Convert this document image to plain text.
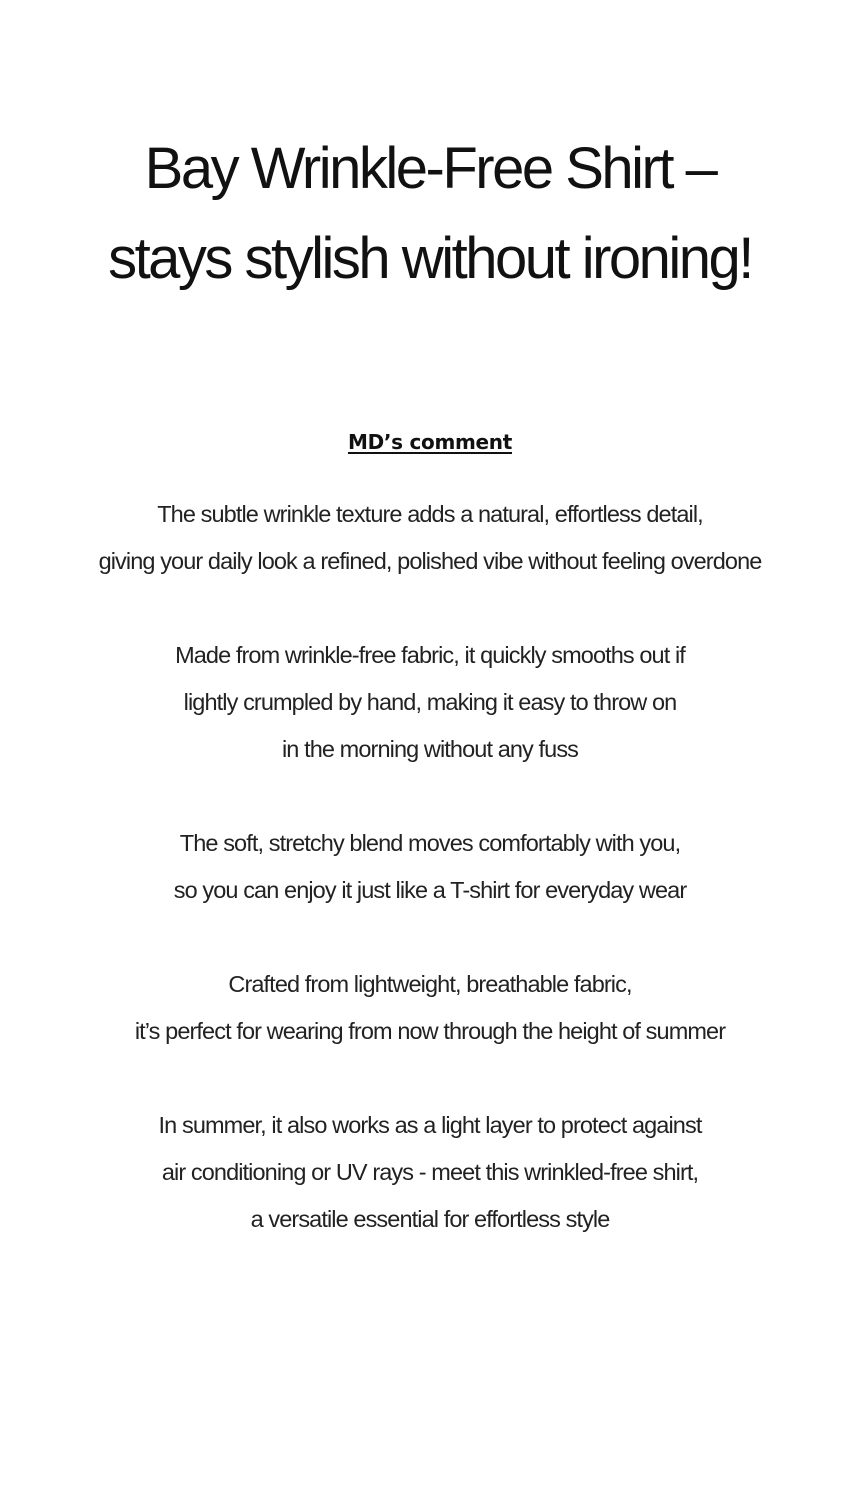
Bay Wrinkle-Free Shirt –
stays stylish without ironing!
MD’s comment
The subtle wrinkle texture adds a natural, effortless detail,
giving your daily look a refined, polished vibe without feeling overdone
Made from wrinkle-free fabric, it quickly smooths out if
lightly crumpled by hand, making it easy to throw on
in the morning without any fuss
The soft, stretchy blend moves comfortably with you,
so you can enjoy it just like a T-shirt for everyday wear
Crafted from lightweight, breathable fabric,
it’s perfect for wearing from now through the height of summer
In summer, it also works as a light layer to protect against
air conditioning or UV rays - meet this wrinkled-free shirt,
a versatile essential for effortless style
